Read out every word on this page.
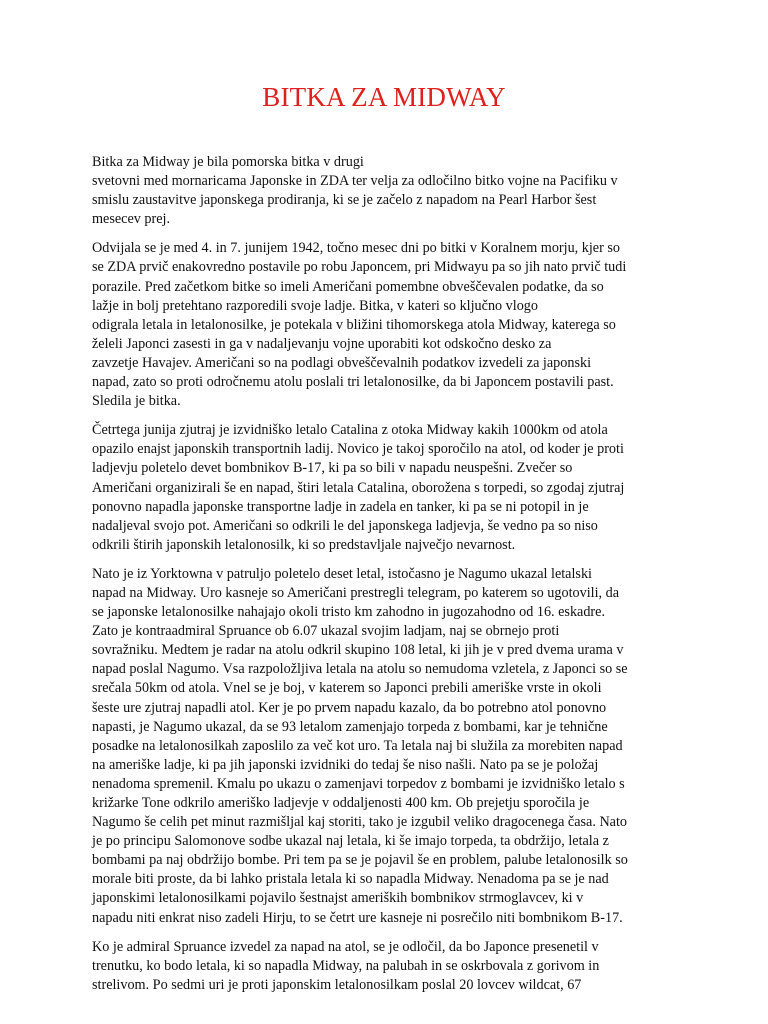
BITKA ZA MIDWAY

Bitka za Midway je bila pomorska bitka v drugi
svetovni med mornaricama Japonske in ZDA ter velja za odločilno bitko vojne na Pacifiku v
smislu zaustavitve japonskega prodiranja, ki se je začelo z napadom na Pearl Harbor šest
mesecev prej.

Odvijala se je med 4. in 7. junijem 1942, točno mesec dni po bitki v Koralnem morju, kjer so
se ZDA prvič enakovredno postavile po robu Japoncem, pri Midwayu pa so jih nato prvič tudi
porazile. Pred začetkom bitke so imeli Američani pomembne obveščevalen podatke, da so
lažje in bolj pretehtano razporedili svoje ladje. Bitka, v kateri so ključno vlogo
odigrala letala in letalonosilke, je potekala v bližini tihomorskega atola Midway, katerega so
želeli Japonci zasesti in ga v nadaljevanju vojne uporabiti kot odskočno desko za
zavzetje Havajev. Američani so na podlagi obveščevalnih podatkov izvedeli za japonski
napad, zato so proti odročnemu atolu poslali tri letalonosilke, da bi Japoncem postavili past.
Sledila je bitka.

Četrtega junija zjutraj je izvidniško letalo Catalina z otoka Midway kakih 1000km od atola
opazilo enajst japonskih transportnih ladij. Novico je takoj sporočilo na atol, od koder je proti
ladjevju poletelo devet bombnikov B-17, ki pa so bili v napadu neuspešni. Zvečer so
Američani organizirali še en napad, štiri letala Catalina, oborožena s torpedi, so zgodaj zjutraj
ponovno napadla japonske transportne ladje in zadela en tanker, ki pa se ni potopil in je
nadaljeval svojo pot. Američani so odkrili le del japonskega ladjevja, še vedno pa so niso
odkrili štirih japonskih letalonosilk, ki so predstavljale največjo nevarnost.

Nato je iz Yorktowna v patruljo poletelo deset letal, istočasno je Nagumo ukazal letalski
napad na Midway. Uro kasneje so Američani prestregli telegram, po katerem so ugotovili, da
se japonske letalonosilke nahajajo okoli tristo km zahodno in jugozahodno od 16. eskadre.
Zato je kontraadmiral Spruance ob 6.07 ukazal svojim ladjam, naj se obrnejo proti
sovražniku. Medtem je radar na atolu odkril skupino 108 letal, ki jih je v pred dvema urama v
napad poslal Nagumo. Vsa razpoložljiva letala na atolu so nemudoma vzletela, z Japonci so se
srečala 50km od atola. Vnel se je boj, v katerem so Japonci prebili ameriške vrste in okoli
šeste ure zjutraj napadli atol. Ker je po prvem napadu kazalo, da bo potrebno atol ponovno
napasti, je Nagumo ukazal, da se 93 letalom zamenjajo torpeda z bombami, kar je tehnične
posadke na letalonosilkah zaposlilo za več kot uro. Ta letala naj bi služila za morebiten napad
na ameriške ladje, ki pa jih japonski izvidniki do tedaj še niso našli. Nato pa se je položaj
nenadoma spremenil. Kmalu po ukazu o zamenjavi torpedov z bombami je izvidniško letalo s
križarke Tone odkrilo ameriško ladjevje v oddaljenosti 400 km. Ob prejetju sporočila je
Nagumo še celih pet minut razmišljal kaj storiti, tako je izgubil veliko dragocenega časa. Nato
je po principu Salomonove sodbe ukazal naj letala, ki še imajo torpeda, ta obdržijo, letala z
bombami pa naj obdržijo bombe. Pri tem pa se je pojavil še en problem, palube letalonosilk so
morale biti proste, da bi lahko pristala letala ki so napadla Midway. Nenadoma pa se je nad
japonskimi letalonosilkami pojavilo šestnajst ameriških bombnikov strmoglavcev, ki v
napadu niti enkrat niso zadeli Hirju, to se četrt ure kasneje ni posrečilo niti bombnikom B-17.

Ko je admiral Spruance izvedel za napad na atol, se je odločil, da bo Japonce presenetil v
trenutku, ko bodo letala, ki so napadla Midway, na palubah in se oskrbovala z gorivom in
strelivom. Po sedmi uri je proti japonskim letalonosilkam poslal 20 lovcev wildcat, 67
